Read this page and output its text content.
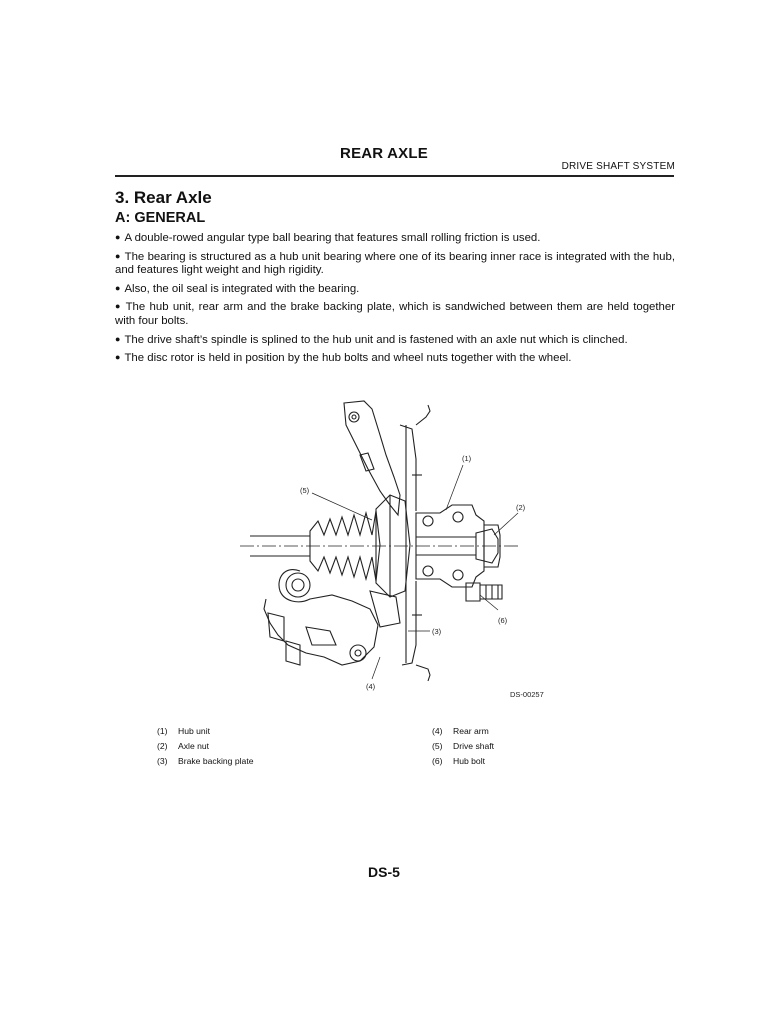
REAR AXLE
DRIVE SHAFT SYSTEM
3. Rear Axle
A: GENERAL

● A double-rowed angular type ball bearing that features small rolling friction is used.

● The bearing is structured as a hub unit bearing where one of its bearing inner race is integrated with the hub, and features light weight and high rigidity.

● Also, the oil seal is integrated with the bearing.

● The hub unit, rear arm and the brake backing plate, which is sandwiched between them are held together with four bolts.

● The drive shaft’s spindle is splined to the hub unit and is fastened with an axle nut which is clinched.

● The disc rotor is held in position by the hub bolts and wheel nuts together with the wheel.

(1)
(2)
(3)
(4)
(5)
(6)
DS-00257
(1)	Hub unit
(2)	Axle nut
(3)	Brake backing plate
(4)	Rear arm
(5)	Drive shaft
(6)	Hub bolt
DS-5
